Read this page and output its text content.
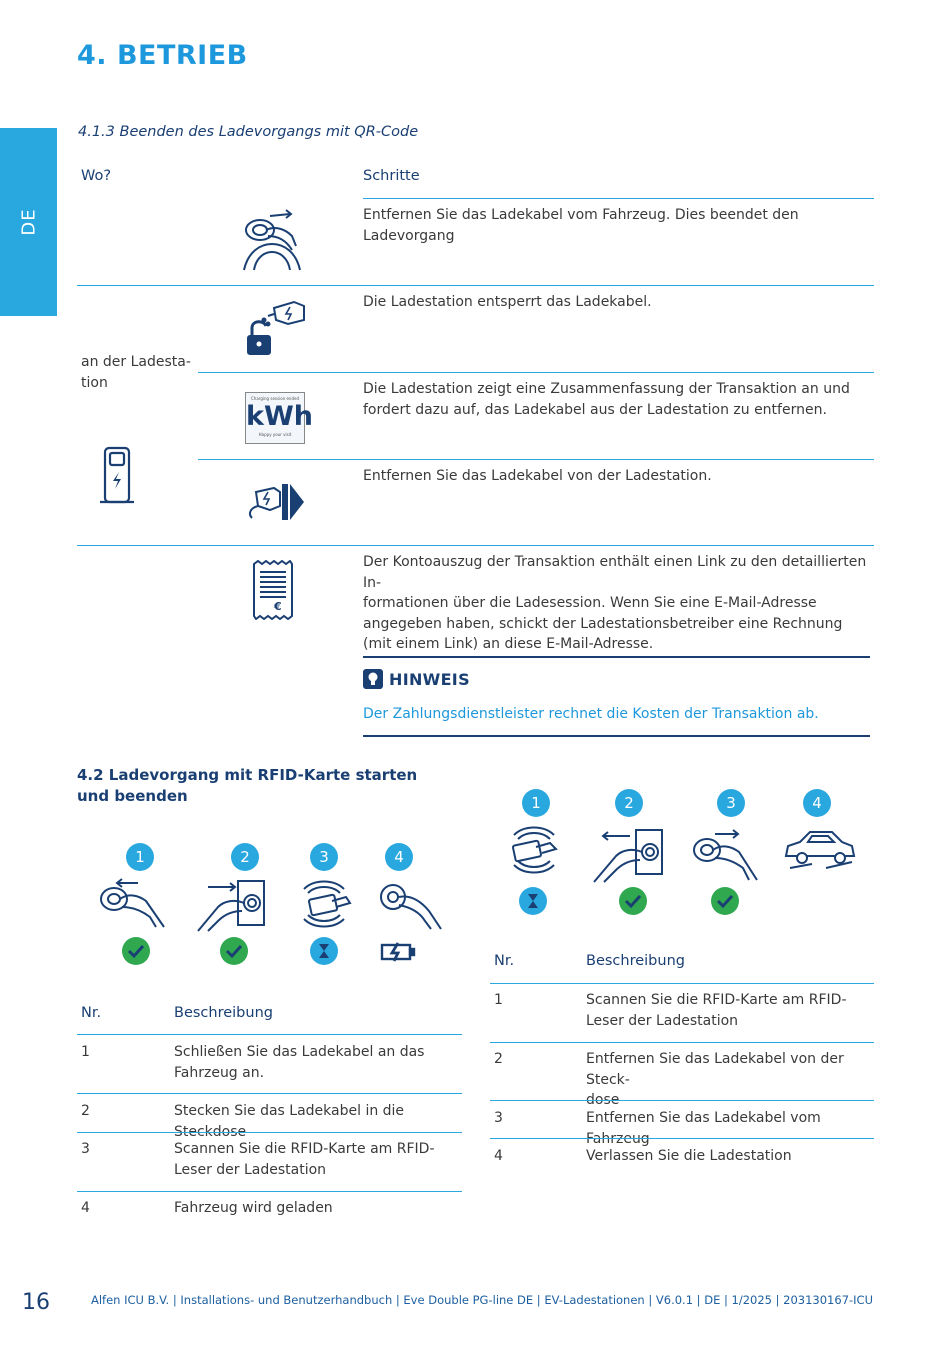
DE
4. BETRIEB
4.1.3 Beenden des Ladevorgangs mit QR-Code
Wo?	Schritte
an der Ladesta-
tion
Entfernen Sie das Ladekabel vom Fahrzeug. Dies beendet den Ladevorgang
Die Ladestation entsperrt das Ladekabel.
Charging session ended
kWh
Happy your visit
Die Ladestation zeigt eine Zusammenfassung der Transaktion an und fordert dazu auf, das Ladekabel aus der Ladestation zu entfernen.
Entfernen Sie das Ladekabel von der Ladestation.
€
Der Kontoauszug der Transaktion enthält einen Link zu den detaillierten In-
formationen über die Ladesession. Wenn Sie eine E-Mail-Adresse angegeben haben, schickt der Ladestationsbetreiber eine Rechnung (mit einem Link) an diese E-Mail-Adresse.
HINWEIS
Der Zahlungsdienstleister rechnet die Kosten der Transaktion ab.
4.2 Ladevorgang mit RFID-Karte starten und beenden
1	2	3	4
Nr.	Beschreibung
1	Schließen Sie das Ladekabel an das Fahrzeug an.
2	Stecken Sie das Ladekabel in die Steckdose
3	Scannen Sie die RFID-Karte am RFID-Leser der Ladestation
4	Fahrzeug wird geladen
1	2	3	4
Nr.	Beschreibung
1	Scannen Sie die RFID-Karte am RFID-Leser der Ladestation
2	Entfernen Sie das Ladekabel von der Steck-
dose
3	Entfernen Sie das Ladekabel vom Fahrzeug
4	Verlassen Sie die Ladestation
16	Alfen ICU B.V. | Installations- und Benutzerhandbuch | Eve Double PG-line DE | EV-Ladestationen | V6.0.1 | DE | 1/2025 | 203130167-ICU
